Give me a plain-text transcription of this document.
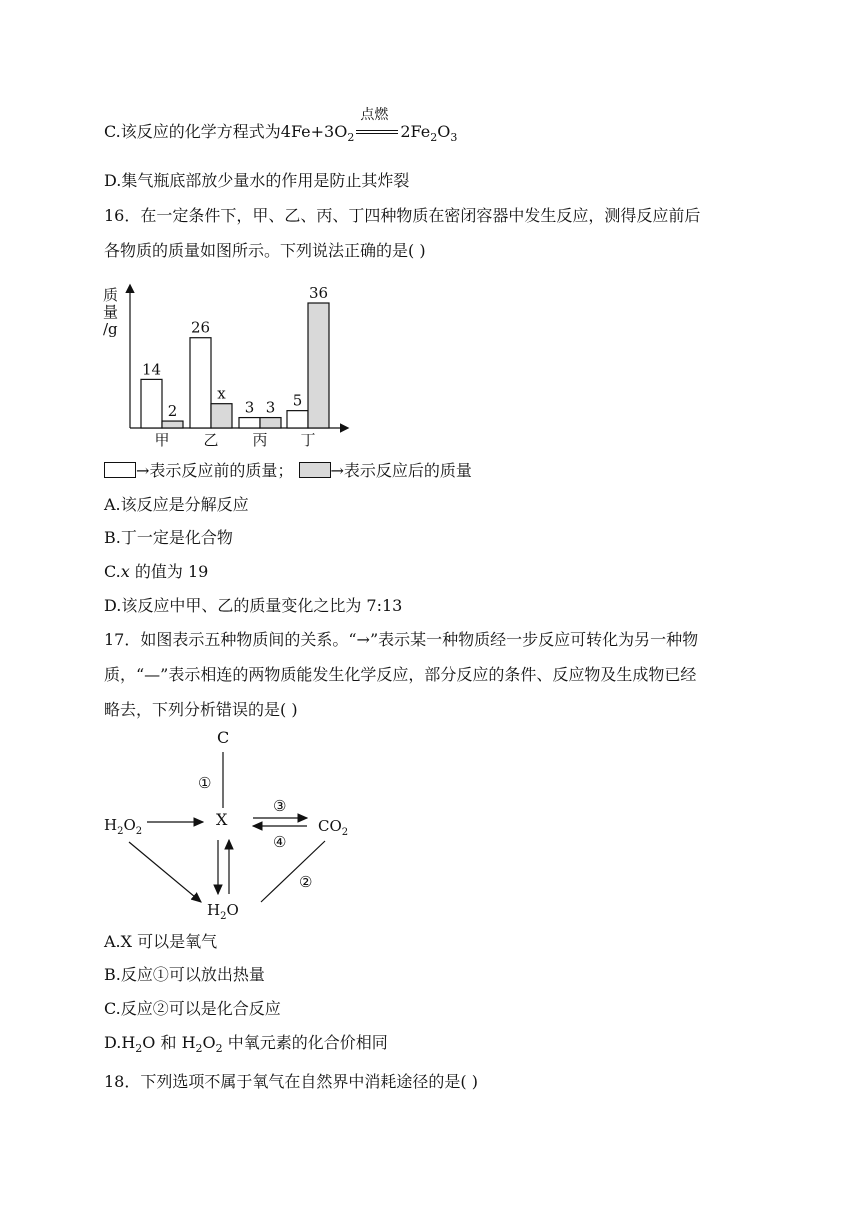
C.该反应的化学方程式为$4Fe+3O_2$
点燃
$2Fe_2O_3$
D.集气瓶底部放少量水的作用是防止其炸裂
16．在一定条件下，甲、乙、丙、丁四种物质在密闭容器中发生反应，测得反应前后
各物质的质量如图所示。下列说法正确的是( )
质量/g
14
2
甲
26
x
乙
3 3
丙
5
36
丁
→表示反应前的质量； →表示反应后的质量
A.该反应是分解反应
B.丁一定是化合物
C.x 的值为 19
D.该反应中甲、乙的质量变化之比为 7:13
17．如图表示五种物质间的关系。“→”表示某一种物质经一步反应可转化为另一种物
质，“—”表示相连的两物质能发生化学反应，部分反应的条件、反应物及生成物已经
略去，下列分析错误的是( )
C
X
$H_2O_2$	$CO_2$
$H_2O$
①
③
④
②
A.X 可以是氧气
B.反应①可以放出热量
C.反应②可以是化合反应
$D.H_2O$ 和 $H_2O_2$ 中氧元素的化合价相同
18．下列选项不属于氧气在自然界中消耗途径的是( )
